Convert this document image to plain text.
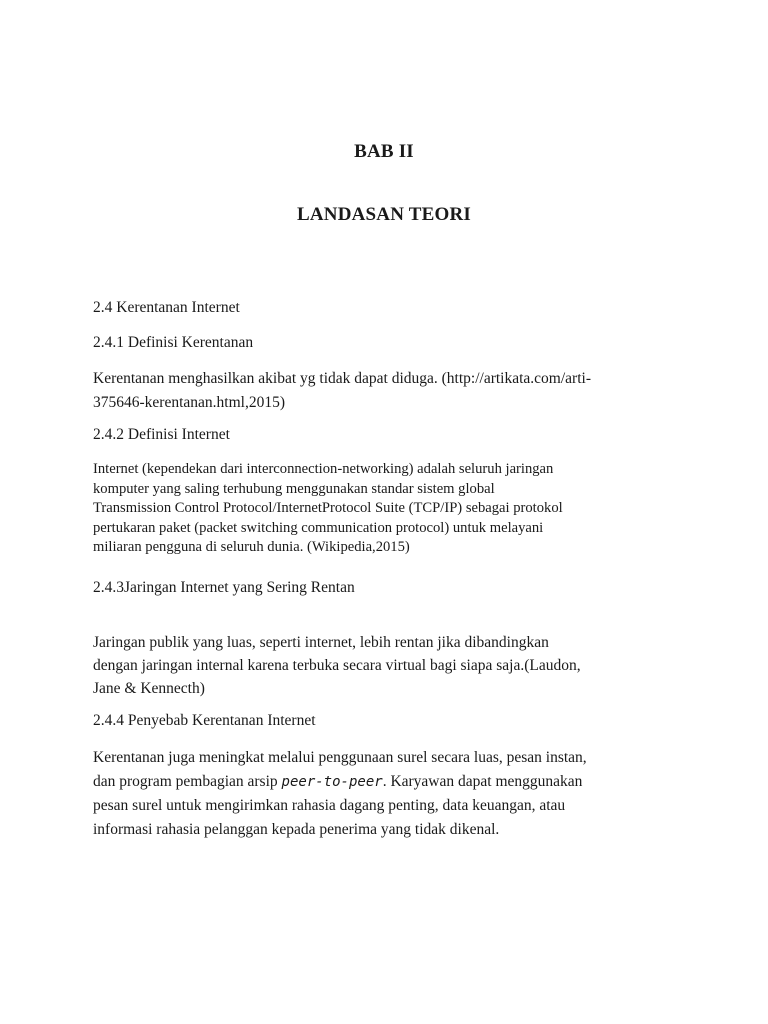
BAB II
LANDASAN TEORI
2.4 Kerentanan Internet
2.4.1 Definisi Kerentanan
Kerentanan menghasilkan akibat yg tidak dapat diduga. (http://artikata.com/arti-
375646-kerentanan.html,2015)
2.4.2 Definisi Internet
Internet (kependekan dari interconnection-networking) adalah seluruh jaringan
komputer yang saling terhubung menggunakan standar sistem global
Transmission Control Protocol/InternetProtocol Suite (TCP/IP) sebagai protokol
pertukaran paket (packet switching communication protocol) untuk melayani
miliaran pengguna di seluruh dunia. (Wikipedia,2015)
2.4.3Jaringan Internet yang Sering Rentan
Jaringan publik yang luas, seperti internet, lebih rentan jika dibandingkan
dengan jaringan internal karena terbuka secara virtual bagi siapa saja.(Laudon,
Jane & Kennecth)
2.4.4 Penyebab Kerentanan Internet
Kerentanan juga meningkat melalui penggunaan surel secara luas, pesan instan,
dan program pembagian arsip peer-to-peer. Karyawan dapat menggunakan
pesan surel untuk mengirimkan rahasia dagang penting, data keuangan, atau
informasi rahasia pelanggan kepada penerima yang tidak dikenal.
